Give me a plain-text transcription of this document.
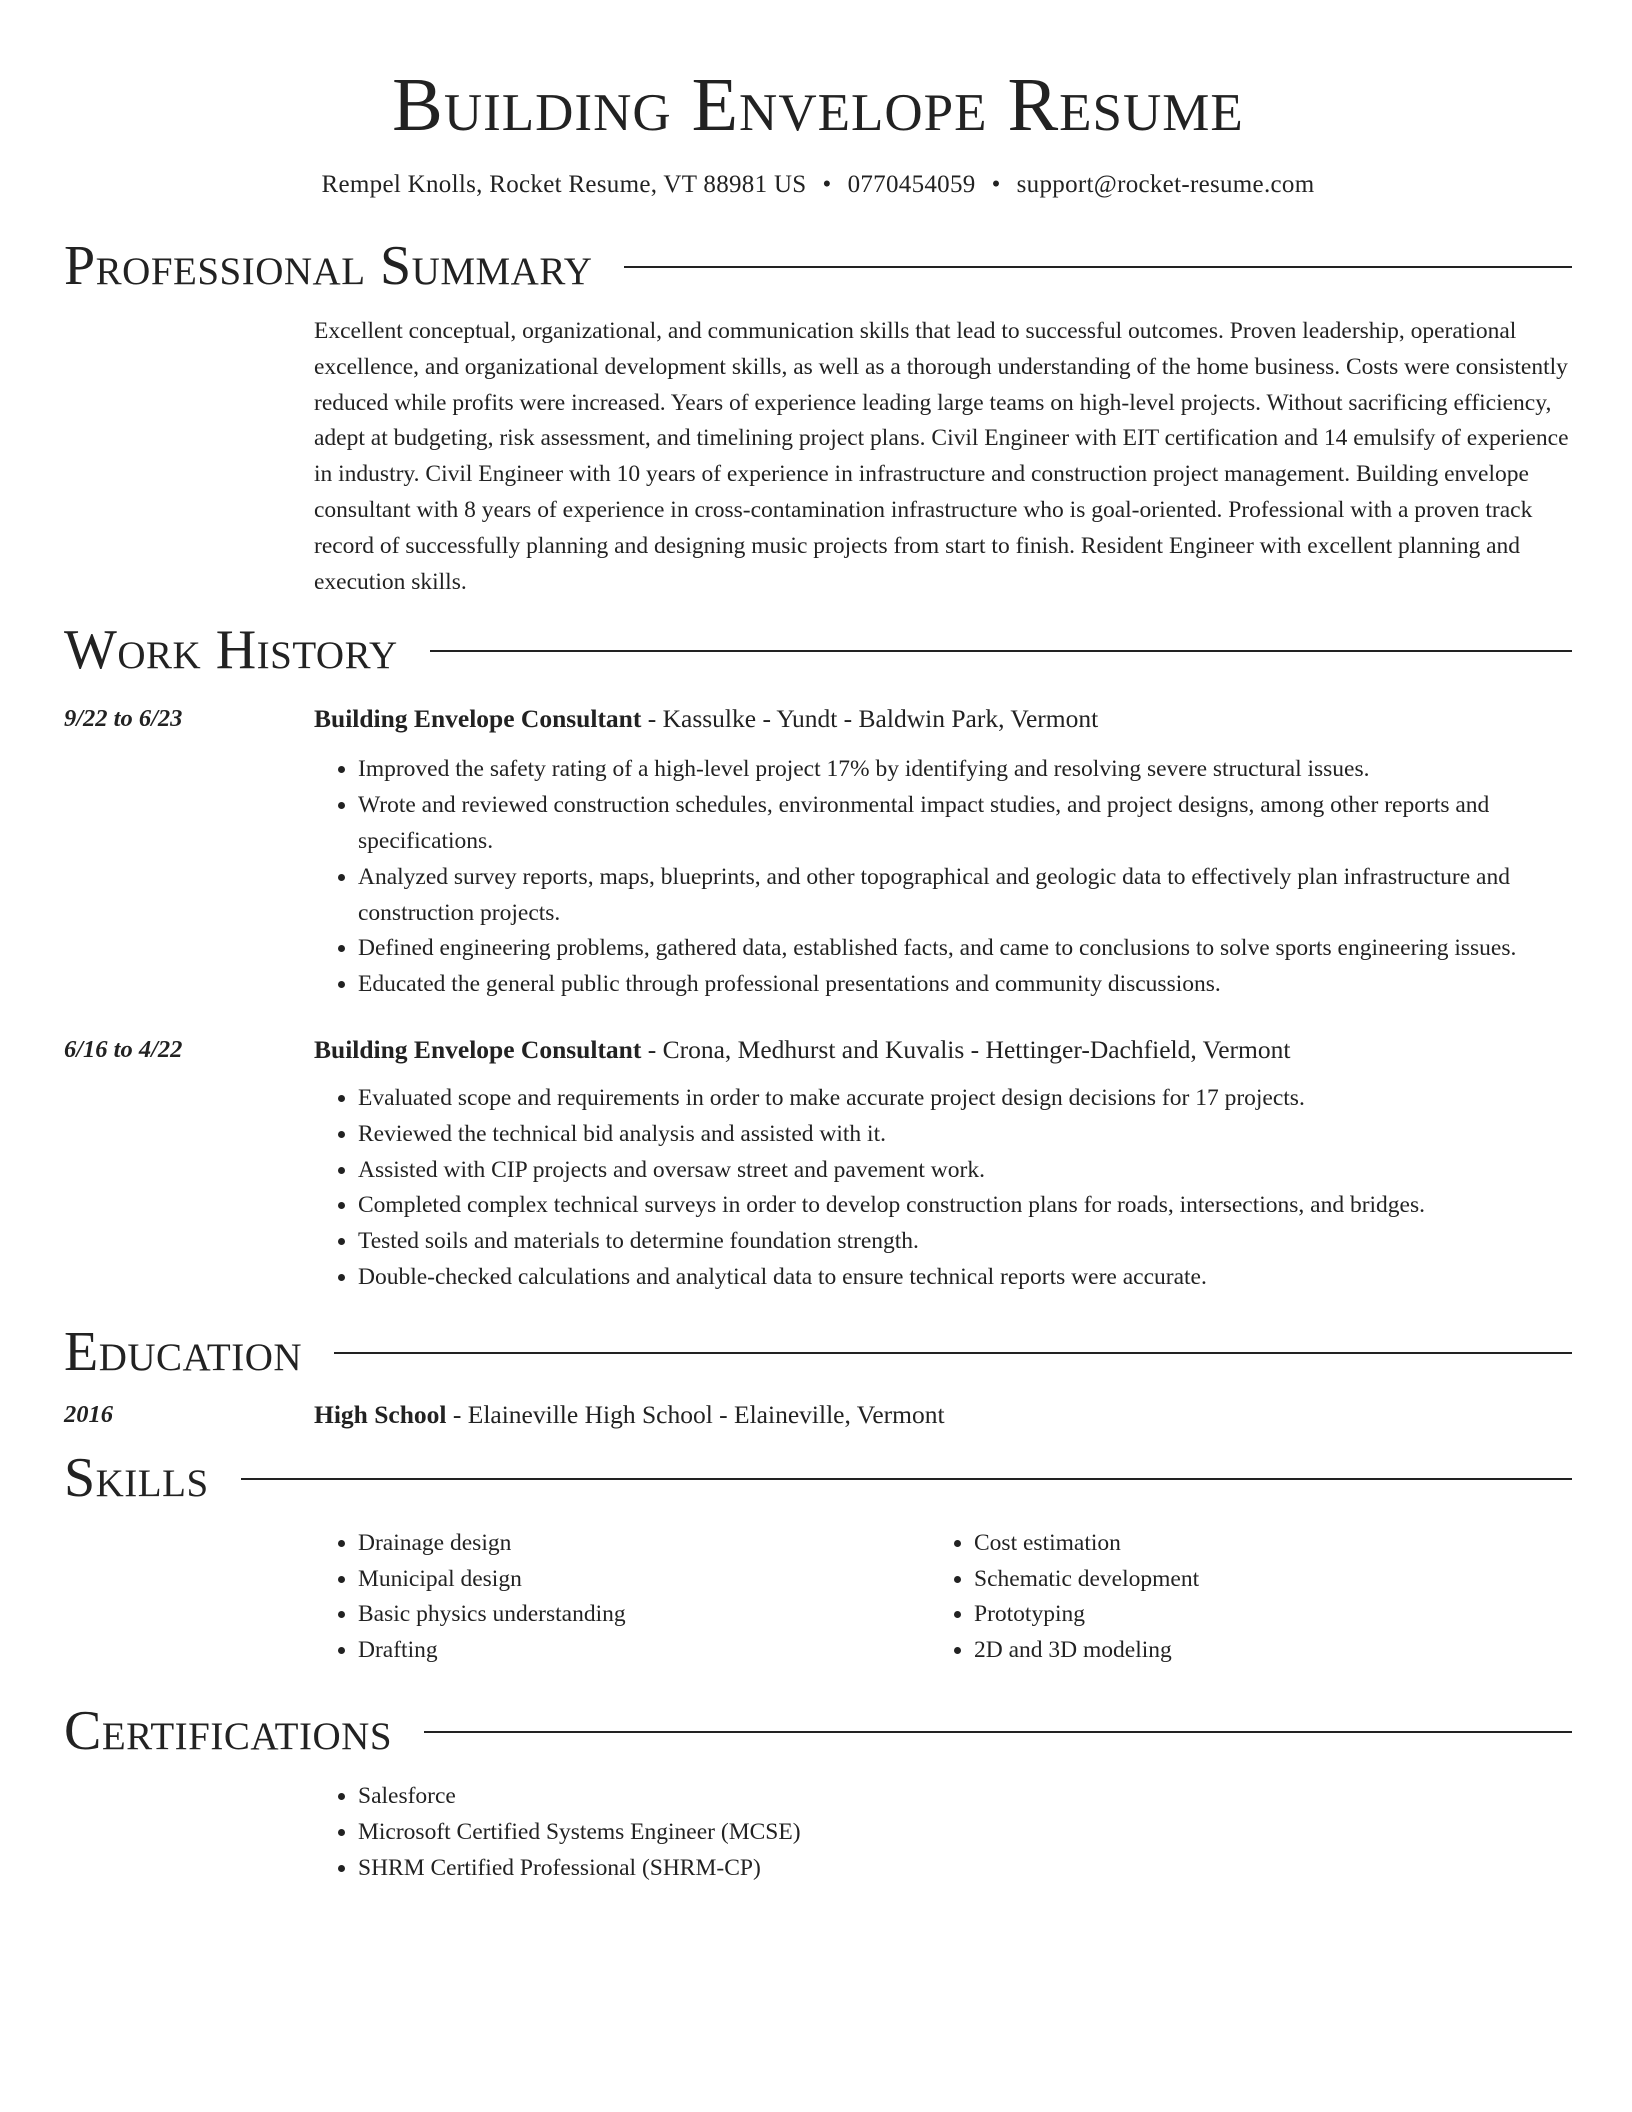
Building Envelope Resume
Rempel Knolls, Rocket Resume, VT 88981 US • 0770454059 • support@rocket-resume.com
Professional Summary
Excellent conceptual, organizational, and communication skills that lead to successful outcomes. Proven leadership, operational excellence, and organizational development skills, as well as a thorough understanding of the home business. Costs were consistently reduced while profits were increased. Years of experience leading large teams on high-level projects. Without sacrificing efficiency, adept at budgeting, risk assessment, and timelining project plans. Civil Engineer with EIT certification and 14 emulsify of experience in industry. Civil Engineer with 10 years of experience in infrastructure and construction project management. Building envelope consultant with 8 years of experience in cross-contamination infrastructure who is goal-oriented. Professional with a proven track record of successfully planning and designing music projects from start to finish. Resident Engineer with excellent planning and execution skills.
Work History
9/22 to 6/23	Building Envelope Consultant - Kassulke - Yundt - Baldwin Park, Vermont
• Improved the safety rating of a high-level project 17% by identifying and resolving severe structural issues.
• Wrote and reviewed construction schedules, environmental impact studies, and project designs, among other reports and specifications.
• Analyzed survey reports, maps, blueprints, and other topographical and geologic data to effectively plan infrastructure and construction projects.
• Defined engineering problems, gathered data, established facts, and came to conclusions to solve sports engineering issues.
• Educated the general public through professional presentations and community discussions.
6/16 to 4/22	Building Envelope Consultant - Crona, Medhurst and Kuvalis - Hettinger-Dachfield, Vermont
• Evaluated scope and requirements in order to make accurate project design decisions for 17 projects.
• Reviewed the technical bid analysis and assisted with it.
• Assisted with CIP projects and oversaw street and pavement work.
• Completed complex technical surveys in order to develop construction plans for roads, intersections, and bridges.
• Tested soils and materials to determine foundation strength.
• Double-checked calculations and analytical data to ensure technical reports were accurate.
Education
2016	High School - Elaineville High School - Elaineville, Vermont
Skills
• Drainage design
• Municipal design
• Basic physics understanding
• Drafting
• Cost estimation
• Schematic development
• Prototyping
• 2D and 3D modeling
Certifications
• Salesforce
• Microsoft Certified Systems Engineer (MCSE)
• SHRM Certified Professional (SHRM-CP)
